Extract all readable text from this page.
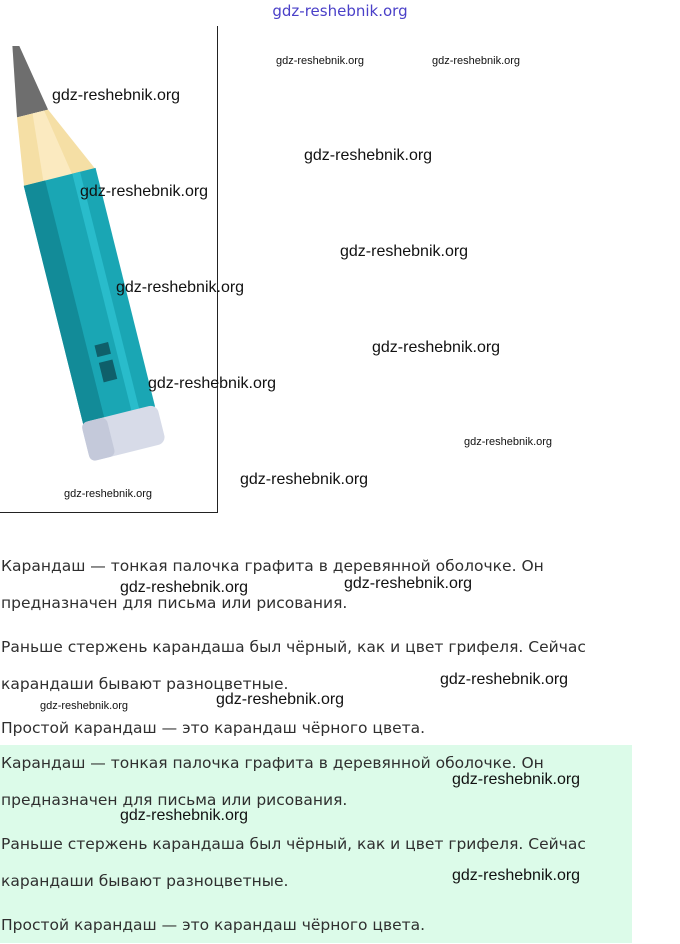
gdz-reshebnik.org

Карандаш — тонкая палочка графита в деревянной оболочке. Он

предназначен для письма или рисования.

Раньше стержень карандаша был чёрный, как и цвет грифеля. Сейчас

карандаши бывают разноцветные.

Простой карандаш — это карандаш чёрного цвета.

Карандаш — тонкая палочка графита в деревянной оболочке. Он

предназначен для письма или рисования.

Раньше стержень карандаша был чёрный, как и цвет грифеля. Сейчас

карандаши бывают разноцветные.

Простой карандаш — это карандаш чёрного цвета.

gdz-reshebnik.org	gdz-reshebnik.org
gdz-reshebnik.org
gdz-reshebnik.org
gdz-reshebnik.org
gdz-reshebnik.org
gdz-reshebnik.org
gdz-reshebnik.org
gdz-reshebnik.org
gdz-reshebnik.org
gdz-reshebnik.org
gdz-reshebnik.org
gdz-reshebnik.org	gdz-reshebnik.org
gdz-reshebnik.org
gdz-reshebnik.org	gdz-reshebnik.org
gdz-reshebnik.org
gdz-reshebnik.org
gdz-reshebnik.org
